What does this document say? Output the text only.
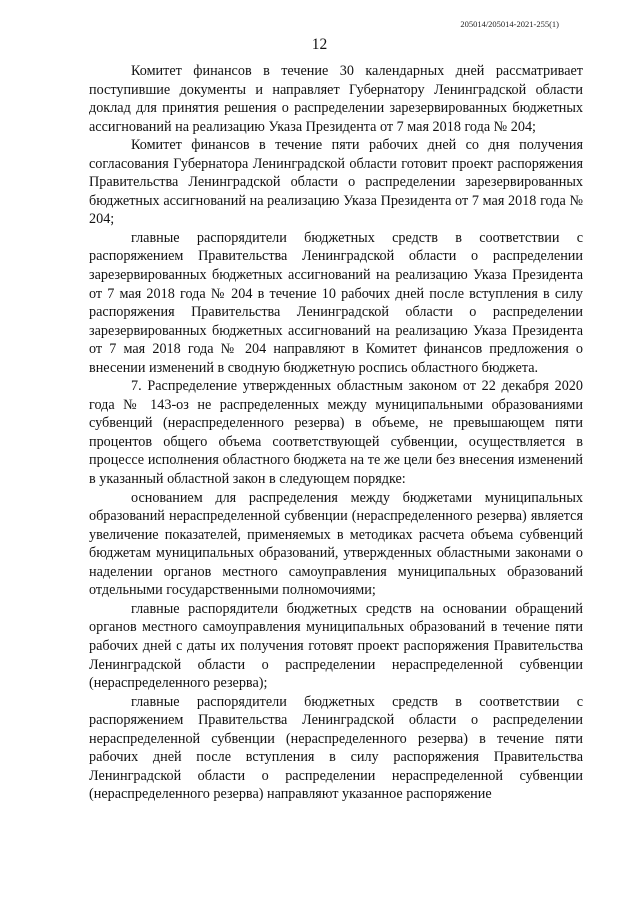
205014/205014-2021-255(1)
12

Комитет финансов в течение 30 календарных дней рассматривает поступившие документы и направляет Губернатору Ленинградской области доклад для принятия решения о распределении зарезервированных бюджетных ассигнований на реализацию Указа Президента от 7 мая 2018 года № 204;

Комитет финансов в течение пяти рабочих дней со дня получения согласования Губернатора Ленинградской области готовит проект распоряжения Правительства Ленинградской области о распределении зарезервированных бюджетных ассигнований на реализацию Указа Президента от 7 мая 2018 года № 204;

главные распорядители бюджетных средств в соответствии с распоряжением Правительства Ленинградской области о распределении зарезервированных бюджетных ассигнований на реализацию Указа Президента от 7 мая 2018 года № 204 в течение 10 рабочих дней после вступления в силу распоряжения Правительства Ленинградской области о распределении зарезервированных бюджетных ассигнований на реализацию Указа Президента от 7 мая 2018 года № 204 направляют в Комитет финансов предложения о внесении изменений в сводную бюджетную роспись областного бюджета.

7. Распределение утвержденных областным законом от 22 декабря 2020 года № 143-оз не распределенных между муниципальными образованиями субвенций (нераспределенного резерва) в объеме, не превышающем пяти процентов общего объема соответствующей субвенции, осуществляется в процессе исполнения областного бюджета на те же цели без внесения изменений в указанный областной закон в следующем порядке:

основанием для распределения между бюджетами муниципальных образований нераспределенной субвенции (нераспределенного резерва) является увеличение показателей, применяемых в методиках расчета объема субвенций бюджетам муниципальных образований, утвержденных областными законами о наделении органов местного самоуправления муниципальных образований отдельными государственными полномочиями;

главные распорядители бюджетных средств на основании обращений органов местного самоуправления муниципальных образований в течение пяти рабочих дней с даты их получения готовят проект распоряжения Правительства Ленинградской области о распределении нераспределенной субвенции (нераспределенного резерва);

главные распорядители бюджетных средств в соответствии с распоряжением Правительства Ленинградской области о распределении нераспределенной субвенции (нераспределенного резерва) в течение пяти рабочих дней после вступления в силу распоряжения Правительства Ленинградской области о распределении нераспределенной субвенции (нераспределенного резерва) направляют указанное распоряжение
